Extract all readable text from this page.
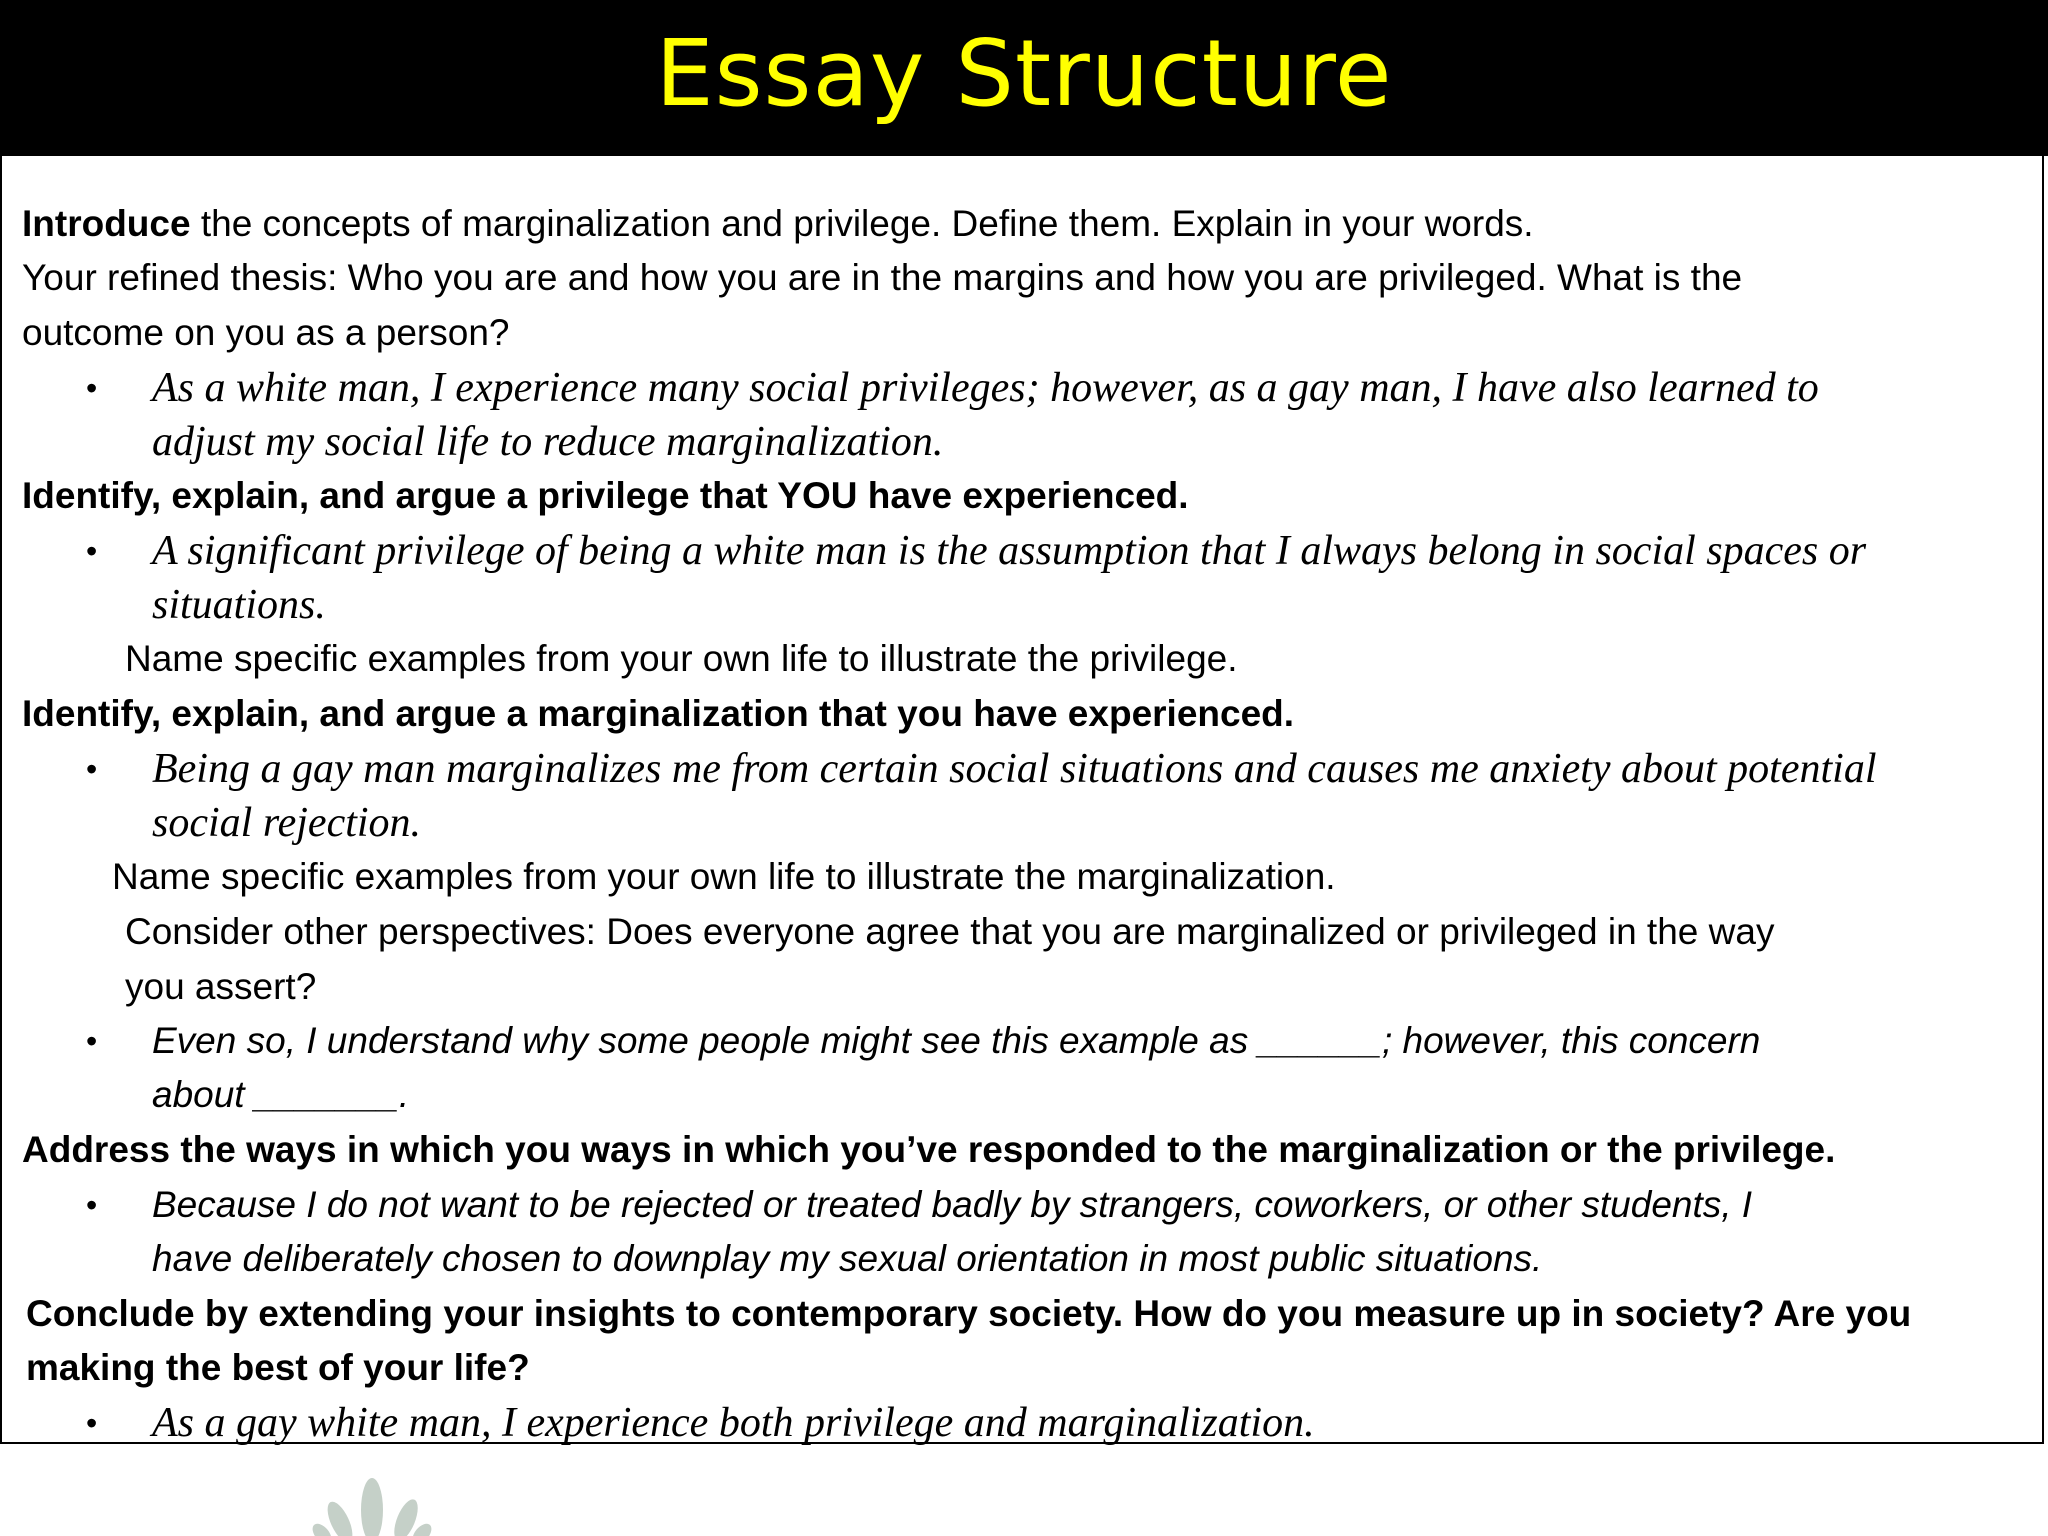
Essay Structure
Introduce the concepts of marginalization and privilege. Define them. Explain in your words.
Your refined thesis: Who you are and how you are in the margins and how you are privileged. What is the
outcome on you as a person?
• As a white man, I experience many social privileges; however, as a gay man, I have also learned to
adjust my social life to reduce marginalization.
Identify, explain, and argue a privilege that YOU have experienced.
• A significant privilege of being a white man is the assumption that I always belong in social spaces or
situations.
Name specific examples from your own life to illustrate the privilege.
Identify, explain, and argue a marginalization that you have experienced.
• Being a gay man marginalizes me from certain social situations and causes me anxiety about potential
social rejection.
Name specific examples from your own life to illustrate the marginalization.
Consider other perspectives: Does everyone agree that you are marginalized or privileged in the way
you assert?
• Even so, I understand why some people might see this example as ______; however, this concern
about _______.
Address the ways in which you ways in which you’ve responded to the marginalization or the privilege.
• Because I do not want to be rejected or treated badly by strangers, coworkers, or other students, I
have deliberately chosen to downplay my sexual orientation in most public situations.
Conclude by extending your insights to contemporary society. How do you measure up in society? Are you
making the best of your life?
• As a gay white man, I experience both privilege and marginalization.
